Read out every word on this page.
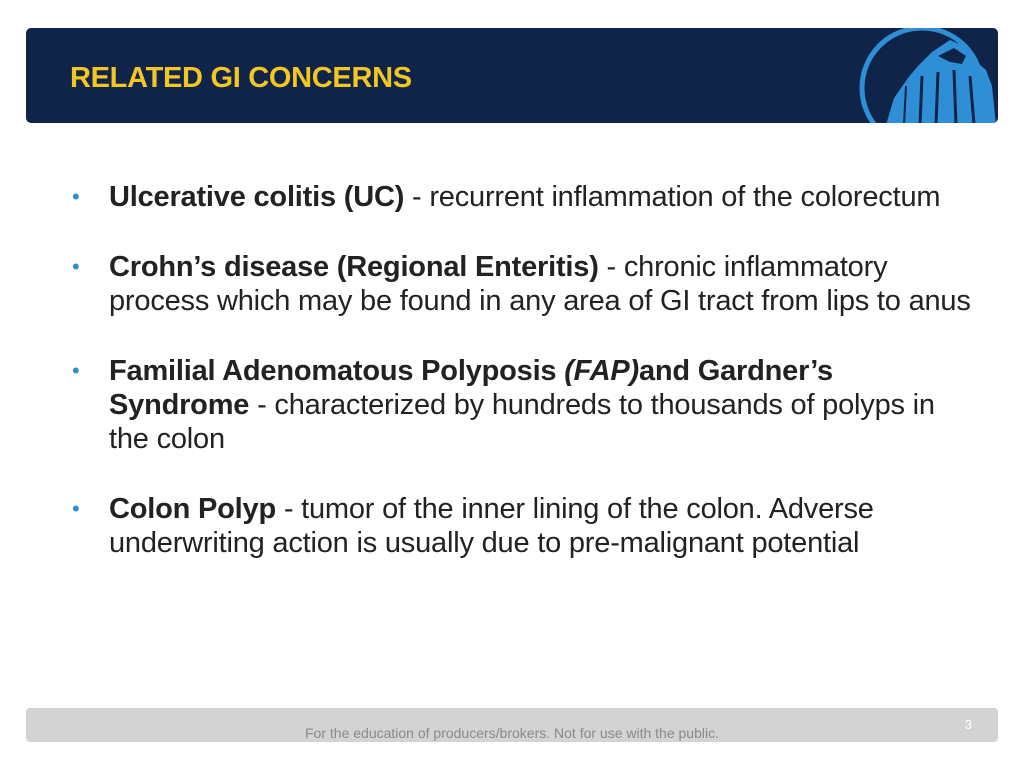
RELATED GI CONCERNS
• Ulcerative colitis (UC) - recurrent inflammation of the colorectum
• Crohn’s disease (Regional Enteritis) - chronic inflammatory process which may be found in any area of GI tract from lips to anus
• Familial Adenomatous Polyposis (FAP)and Gardner’s Syndrome - characterized by hundreds to thousands of polyps in the colon
• Colon Polyp - tumor of the inner lining of the colon. Adverse underwriting action is usually due to pre-malignant potential
For the education of producers/brokers. Not for use with the public.
3
